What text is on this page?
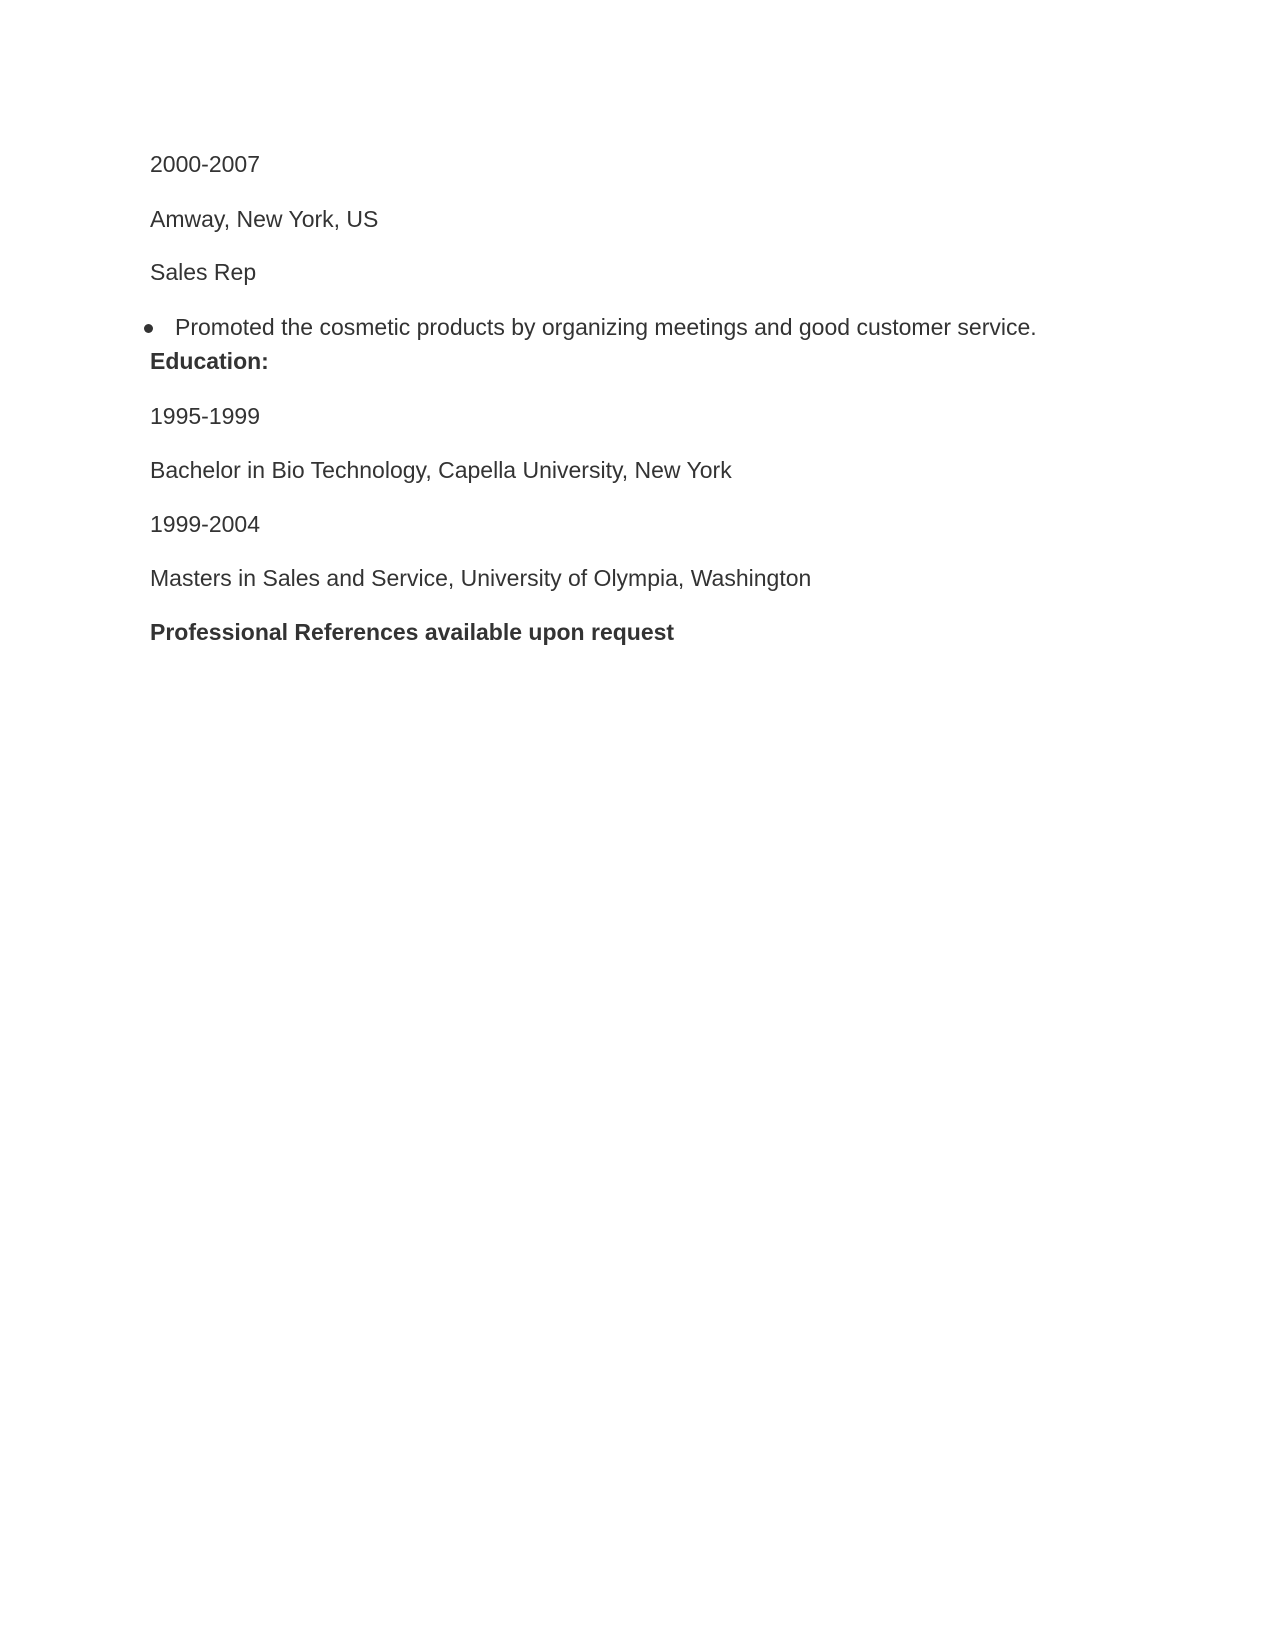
2000-2007

Amway, New York, US

Sales Rep

Promoted the cosmetic products by organizing meetings and good customer service.

Education:

1995-1999

Bachelor in Bio Technology, Capella University, New York

1999-2004

Masters in Sales and Service, University of Olympia, Washington

Professional References available upon request
